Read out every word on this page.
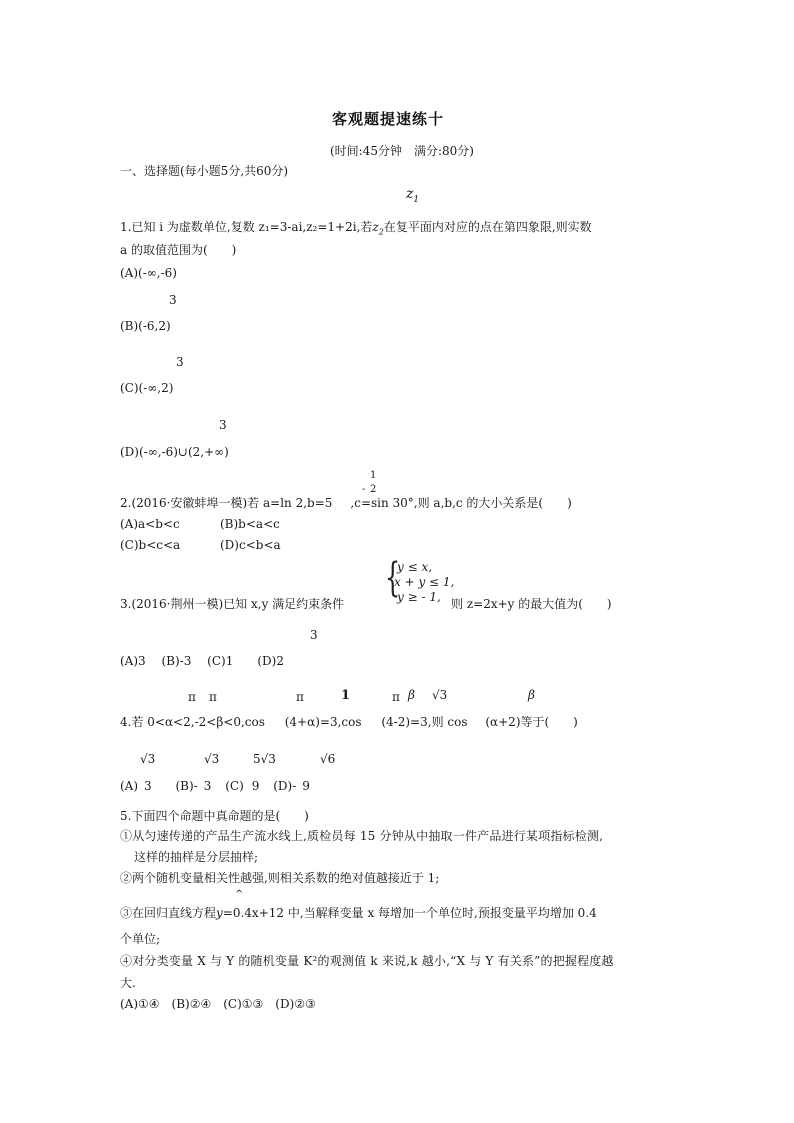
客观题提速练十
(时间:45分钟　满分:80分)
一、选择题(每小题5分,共60分)
$z_1$
1.已知 i 为虚数单位,复数 z₁=3-ai,z₂=1+2i,若$z_2$在复平面内对应的点在第四象限,则实数
a 的取值范围为(　　)
(A)(-∞,-6)
3
(B)(-6,2)
3
(C)(-∞,2)
3
(D)(-∞,-6)∪(2,+∞)
1
- 2
2.(2016·安徽蚌埠一模)若 a=ln 2,b=5 ,c=sin 30°,则 a,b,c 的大小关系是(　　)
(A)a<b<c	(B)b<a<c
(C)b<c<a	(D)c<b<a
{
y ≤ x,
x + y ≤ 1,
y ≥ - 1,
3.(2016·荆州一模)已知 x,y 满足约束条件	则 z=2x+y 的最大值为(　　)
3
(A)3　 (B)-3　 (C)1　　(D)2
π π	π	1	π β √3	β
4.若 0<α<2,-2<β<0,cos (4+α)=3,cos (4-2)=3,则 cos (α+2)等于(　　)
√3	√3	5√3	√6
(A) 3 (B)- 3 (C) 9 (D)- 9
5.下面四个命题中真命题的是(　　)
①从匀速传递的产品生产流水线上,质检员每 15 分钟从中抽取一件产品进行某项指标检测,
这样的抽样是分层抽样;
②两个随机变量相关性越强,则相关系数的绝对值越接近于 1;
^
③在回归直线方程y=0.4x+12 中,当解释变量 x 每增加一个单位时,预报变量平均增加 0.4
个单位;
④对分类变量 X 与 Y 的随机变量 K²的观测值 k 来说,k 越小,“X 与 Y 有关系”的把握程度越
大.
(A)①④　(B)②④　(C)①③　(D)②③
